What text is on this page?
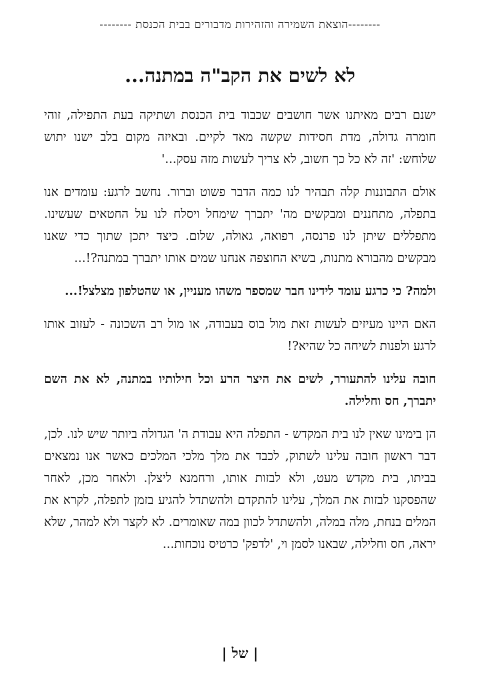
--------הוצאת השמירה והזהירות מדבורים בבית הכנסת --------
לא לשים את הקב"ה במתנה...

ישנם רבים מאיתנו אשר חושבים שכבוד בית הכנסת ושתיקה בעת התפילה, זוהי חומרה גדולה, מדת חסידות שקשה מאד לקיים. ובאיזה מקום בלב ישנו יתוש שלוחש: 'זה לא כל כך חשוב, לא צריך לעשות מזה עסק...'

אולם התבוננות קלה תבהיר לנו כמה הדבר פשוט וברור. נחשב לרגע: עומדים אנו בתפלה, מתחננים ומבקשים מה' יתברך שימחל ויסלח לנו על החטאים שעשינו. מתפללים שיתן לנו פרנסה, רפואה, גאולה, שלום. כיצד יתכן שתוך כדי שאנו מבקשים מהבורא מתנות, בשיא החוצפה אנחנו שמים אותו יתברך במתנה?!...

ולמה? כי כרגע עומד לידינו חבר שמספר משהו מעניין, או שהטלפון מצלצל!...

האם היינו מעיזים לעשות זאת מול בוס בעבודה, או מול רב השכונה - לעזוב אותו לרגע ולפנות לשיחה כל שהיא?!

חובה עלינו להתעורר, לשים את היצר הרע וכל חילותיו במתנה, לא את השם יתברך, חס וחלילה.

הן בימינו שאין לנו בית המקדש - התפלה היא עבודת ה' הגדולה ביותר שיש לנו. לכן, דבר ראשון חובה עלינו לשתוק, לכבד את מלך מלכי המלכים כאשר אנו נמצאים בביתו, בית מקדש מעט, ולא לבזות אותו, ורחמנא ליצלן. ולאחר מכן, לאחר שהפסקנו לבזות את המלך, עלינו להתקדם ולהשתדל להגיע בזמן לתפלה, לקרא את המלים בנחת, מלה במלה, ולהשתדל לכוון במה שאומרים. לא לקצר ולא למהר, שלא יראה, חס וחלילה, שבאנו לסמן וי, 'לדפק' כרטיס נוכחות...

| של |
